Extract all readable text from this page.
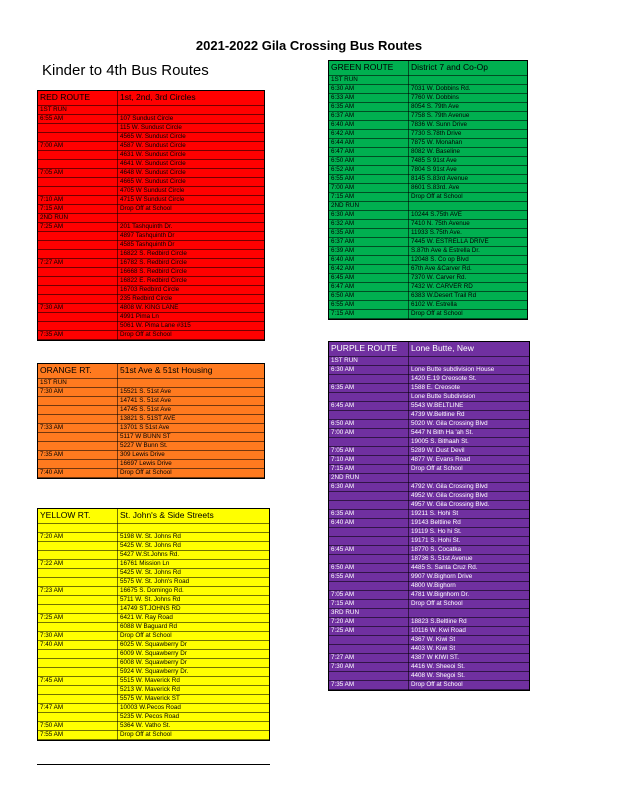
2021-2022 Gila Crossing Bus Routes
Kinder to 4th Bus Routes
RED ROUTE	1st, 2nd, 3rd Circles
1ST RUN	
6:55 AM	107 Sundust Circle
	115 W. Sundust Circle
	4565 W. Sundust Circle
7:00 AM	4587 W. Sundust Circle
	4631 W. Sundust Circle
	4641 W. Sundust Circle
7:05 AM	4648 W. Sundust Circle
	4665 W. Sundust Circle
	4705 W Sundust Circle
7:10 AM	4715 W Sundust Circle
7:15 AM	Drop Off at School
2ND RUN	
7:25 AM	201 Tashquinth Dr.
	4897 Tashquinth Dr
	4585 Tashquinth Dr
	16822 S. Redbird Circle
7:27 AM	16782 S. Redbird Circle
	16668 S. Redbird Circle
	16822 E. Redbird Circle
	16703 Redbird Circle
	235 Redbird Circle
7:30 AM	4808 W. KING LANE
	4991 Pima Ln
	5061 W. Pima Lane #315
7:35 AM	Drop Off at School
ORANGE RT.	51st Ave & 51st Housing
1ST RUN	
7:30 AM	15521 S. 51st Ave
	14741 S. 51st Ave
	14745 S. 51st Ave
	13821 S. 51ST AVE
7:33 AM	13701 S 51st Ave
	5117 W BUNN ST
	5227 W Bunn St.
7:35 AM	309 Lewis Drive
	16697 Lewis Drive
7:40 AM	Drop Off at School
YELLOW RT.	St. John's & Side Streets

7:20 AM	5198 W. St. Johns Rd
	5425 W. St. Johns Rd
	5427 W.St.Johns Rd.
7:22 AM	16761 Mission Ln
	5425 W. St. Johns Rd
	5575 W. St. John's Road
7:23 AM	16675 S. Domingo Rd.
	5711 W. St. Johns Rd
	14749 ST.JOHNS RD
7:25 AM	6421 W. Ray Road
	6088 W Baguard Rd
7:30 AM	Drop Off at School
7:40 AM	6025 W. Squawberry Dr
	6009 W. Squawberry Dr
	6008 W. Squawberry Dr
	5924 W. Squawberry Dr.
7:45 AM	5515 W. Maverick Rd
	5213 W. Maverick Rd
	5575 W. Maverick ST
7:47 AM	10003 W.Pecos Road
	5235 W. Pecos Road
7:50 AM	5364 W. Vatho St.
7:55 AM	Drop Off at School
GREEN ROUTE	District 7 and Co-Op
1ST RUN	
6:30 AM	7031 W. Dobbins Rd.
6:33 AM	7760 W. Dobbins
6:35 AM	8054 S. 79th Ave
6:37 AM	7758 S. 79th Avenue
6:40 AM	7836 W. Sunn Drive
6:42 AM	7730 S.78th Drive
6:44 AM	7875 W. Monahan
6:47 AM	8082 W. Baseline
6:50 AM	7485 S 91st Ave
6:52 AM	7804 S 91st Ave
6:55 AM	8145 S.83rd Avenue
7:00 AM	8601 S.83rd. Ave
7:15 AM	Drop Off at School
2ND RUN	
6:30 AM	10244 S.75th AVE
6:32 AM	7410 N. 75th Avenue
6:35 AM	11933 S.75th Ave.
6:37 AM	7445 W. ESTRELLA DRIVE
6:39 AM	S.87th Ave & Estrella Dr.
6:40 AM	12048 S. Co op Blvd
6:42 AM	67th Ave &Carver Rd.
6:45 AM	7370 W. Carver Rd.
6:47 AM	7432 W. CARVER RD
6:50 AM	6383 W.Desert Trail Rd
6:55 AM	6102 W. Estrella
7:15 AM	Drop Off at School
PURPLE ROUTE	Lone Butte, New
1ST RUN	
6:30 AM	Lone Butte subdivision House
	1420 E.19 Creosote St.
6:35 AM	1588 E. Creosote
	Lone Butte Subdivision
6:45 AM	5543 W.BELTLINE
	4739 W.Beltline Rd
6:50 AM	5020 W. Gila Crossing Blvd
7:00 AM	5447 N Bith Ha 'ah St.
	19005 S. Bithaah St.
7:05 AM	5289 W. Dust Devil
7:10 AM	4877 W. Evans Road
7:15 AM	Drop Off at School
2ND RUN	
6:30 AM	4792 W. Gila Crossing Blvd
	4952 W. Gila Crossing Blvd
	4957 W. Gila Crossing Blvd.
6:35 AM	19211 S. Hohi St
6:40 AM	19143 Beltline Rd
	19119 S. Ho hi St.
	19171 S. Hohi St.
6:45 AM	18770 S. Cocatka
	18736 S. 51st Avenue
6:50 AM	4485 S. Santa Cruz Rd.
6:55 AM	9907 W.Bighorn Drive
	4800 W.Bighorn
7:05 AM	4781 W.Bignhorn Dr.
7:15 AM	Drop Off at School
3RD RUN	
7:20 AM	18823 S.Beltline Rd
7:25 AM	10116 W. Kwi Road
	4367 W. Kiwi St
	4403 W. Kiwi St
7:27 AM	4387 W KIWI ST.
7:30 AM	4416 W. Sheeoi St.
	4408 W. Shegoi St.
7:35 AM	Drop Off at School
